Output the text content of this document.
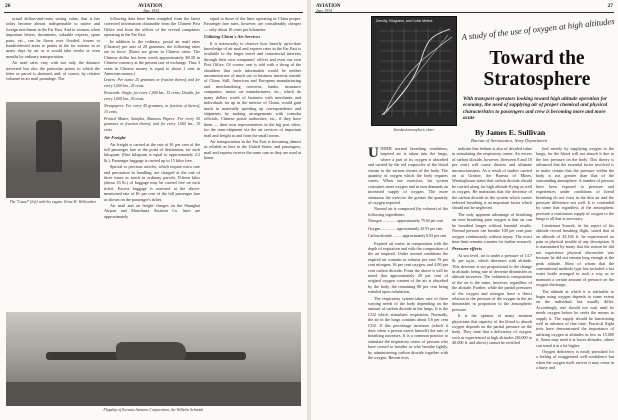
26	AVIATION
June, 1934

actual dollars-and-cents saving value, that it has today become almost indispensable to native and foreign merchants in the Far East. And to women, when important letters, documents, valuable express, spare parts, etc., can be flown over flooded, frozen or banditinfested areas to points in the far interior in as many days by air as it would take weeks or even months by ordinary transportation.

Air mail rates vary with not only the distance traversed but also the particular points to which the letter or parcel is destined, and, of course, by relative volumes in air mail poundage. The

The "Canal" (left) with his engine. Ernst H. Wellreuther

following data have been compiled from the latest corrected information obtainable from the Chinese Post Office and from the offices of the several companies operating in the Far East.

In addition to the ordinary, postal air mail rates (Chinese) per unit of 20 grammes, the following rates are in force: (Rates are given in Chinese cents. The Chinese dollar has been worth approximately $0.30 in Chinese currency at the present rate of exchange. Thus 3 cents in Chinese money is equal to about 1 cent in American money.)

Letters: Per ounce 25 grammes or fraction thereof, and for every 1,000 km., 25 cents.

Postcards: Single, for every 1,000 km., 15 cents; Double, for every 1,000 km., 30 cents.

Newspapers: For every 40 grammes, or fraction of thereof, 15 cents.

Printed Matter, Samples, Business Papers: For every 50 grammes or fraction thereof, and for every 1,000 km., 15 cents.

Air Freight

Air freight is carried at the rate of $1 per cent of the full passenger fare to the point of destination, for each kilogram. (One kilogram is equal to approximately 2.2 lb.). Passenger baggage is carried up to 15 kilos free.

Special or precious articles, which require extra care and precaution in handling, are charged at the rate of three times as much as ordinary parcels. Fifteen kilos (about 33 lb.) of baggage may be carried free on each ticket. Excess baggage is assessed at the above-mentioned rate of $1 per cent of the full passenger fare as shown on the passenger's ticket.

Air mail and air freight charges on the Shanghai Airport and Manchuria Aviation Co. lines are approximately

equal to those of the lines operating in China proper. Passenger fare rates, however, are considerably cheaper — only about 10 cents per kilometer.

Utilizing China's Air Services

It is noteworthy to observe how heavily up-to-date knowledge of air mail and express rates in the Far East is available to the larger travel and commercial interests through their own companies' offices and even our own Post Office. Of course, one is told with a shrug of the shoulders that such information would be neither uncommon nor of much use to business interests outside of China. Still, American and European manufacturing and merchandising concerns, banks, insurance companies, motor car manufacturers, etc., which do many dollars worth of business with merchants and individuals far up in the interior of China, would gain much in materially speeding up correspondence and shipments by making arrangements with consular officials, Chinese postal authorities, etc., if they have them — their own representatives in the big port cities, for the trans-shipment via the air services of important mail and freight to and from the small towns.

Air transportation in the Far East is becoming almost as reliable as here in the United States, and passengers, mail and express receive the same care as they are used at home.

Flagship of Eurasia Aviation Corporation, the Wilhelm Schmidt.
AVIATION
June, 1934
27
Density, Kilograms, and Cubic Meters
Standard atmospheric chart.
A study of the use of oxygen at high altitudes
Toward the
Stratosphere
With transport operators looking toward high altitude operation for economy, the need of supplying air of proper chemical and physical characteristics to passengers and crew is becoming more and more acute
By James E. Sullivan
Bureau of Aeronautics, Navy Department

UNDER normal breathing conditions, inspired air is taken into the lungs, where a part of its oxygen is absorbed and carried by the red corpuscles of the blood stream to the various tissues of the body. The quantity of oxygen which the body requires varies. When one exercises, his system consumes more oxygen and in turn demands an increased supply of oxygen. The more strenuous the exercise the greater the quantity of oxygen required.

Normal air is composed (by volume) of the following ingredients:

Nitrogen .............. approximately 79.04 per cent

Oxygen ............... approximately 20.93 per cent

Carbon dioxide ......... approximately 0.03 per cent

Expired air varies in composition with the depth of expiration and with the composition of the air inspired. Under normal conditions the expired air contains in volume per cent 79 per cent nitrogen, 16 per cent oxygen, and 4.00 per cent carbon dioxide. From the above it will be noted that approximately 20 per cent of original oxygen content of the air is absorbed by the body, the remaining 80 per cent being exhaled upon exhalation.

The respiratory system takes care of these varying needs of the body depending on the amount of carbon dioxide in the lungs. It is the CO2 which stimulates respiration. Normally, the air in the lungs contains about 5.6 per cent CO2. If this percentage increases (which it does when a person exerts himself) the rate of breathing increases. It is a common practice to stimulate the respiratory center of persons who have ceased to breathe or who breathe lightly, by administering carbon dioxide together with the oxygen. Recent tests

indicate that helium is also of decided value in stimulating the respiratory center. An excess of carbon dioxide, however, (between 8 and 10 per cent) will cause distress and ultimate unconsciousness. As a result of studies carried on at Greater, the Bureau of Mines, Westinghouse states that carbon dioxide should be carried along for high altitude flying as well as oxygen. He maintains that the decrease of the carbon dioxide in the system which causes reduced breathing is an important factor which should not be neglected.

The only apparent advantage of breathing air over breathing pure oxygen is that air can be breathed longer without harmful results. Normal persons can breathe 100 per cent pure oxygen continuously without injury. The exact time limit remains a matter for further research.

Pressure effects

At sea level, air is under a pressure of 14.7 lb. per sq.in., which decreases with altitude. This decrease is not proportional to the change in altitude, being rate of decrease diminishes as altitude increases. The volumetric composition of the air is the same, however, regardless of the altitude. Further, while the partial pressures of the oxygen and nitrogen have a direct relation to the pressure of the oxygen in the air diminishes in proportion to the atmospheric pressure.

It is the opinion of many eminent physicians that capacity of the blood to absorb oxygen depends on the partial pressure on the body. They state that a deficiency of oxygen, such as experienced at high altitudes (30,000 to 40,000 ft. and above) cannot be rectified

fied merely by supplying oxygen to the lungs, for the blood will not absorb it due to the low pressure on the body. This theory is advanced that the essential factor involved is to make certain that the pressure within the body is not greater than that of the surrounding atmosphere. A number of persons have been exposed to pressure and experiences under conditions of literal breathing do not exist in the thin air and the pressure difference not well. It is contended by some that regardless of the atmospheric pressure a continuous supply of oxygen to the lungs is all that is necessary.

Lieutenant Soucek, in his report of his altitude record breaking flight, stated that at an altitude of 43,166 ft. he experienced no pain or physical trouble of any description. It is maintained by many that the reason he did not experience physical discomfort was because he did not remain long enough at the peak altitude. Most of whom that the conventional methods type lost included a hot water bottle arranged in such a way as to maintain a certain amount of pressure on the oxygen discharge.

The altitude at which it is advisable to begin using oxygen depends to some extent on the individual, but usually differ. Accordingly, one should not wait until he needs oxygen before he seeks the means to supply it. The supply should be functioning well in advance of that time. Practical flight tests have demonstrated the importance of utilizing oxygen at altitudes as low as 15,000 ft. Some may need it at lower altitudes, others can stand it at a lot higher.

Oxygen deficiency is easily provoked for a feeling of exaggerated well-confidence but when the oxygen itself arrives it may come in a hurry and
